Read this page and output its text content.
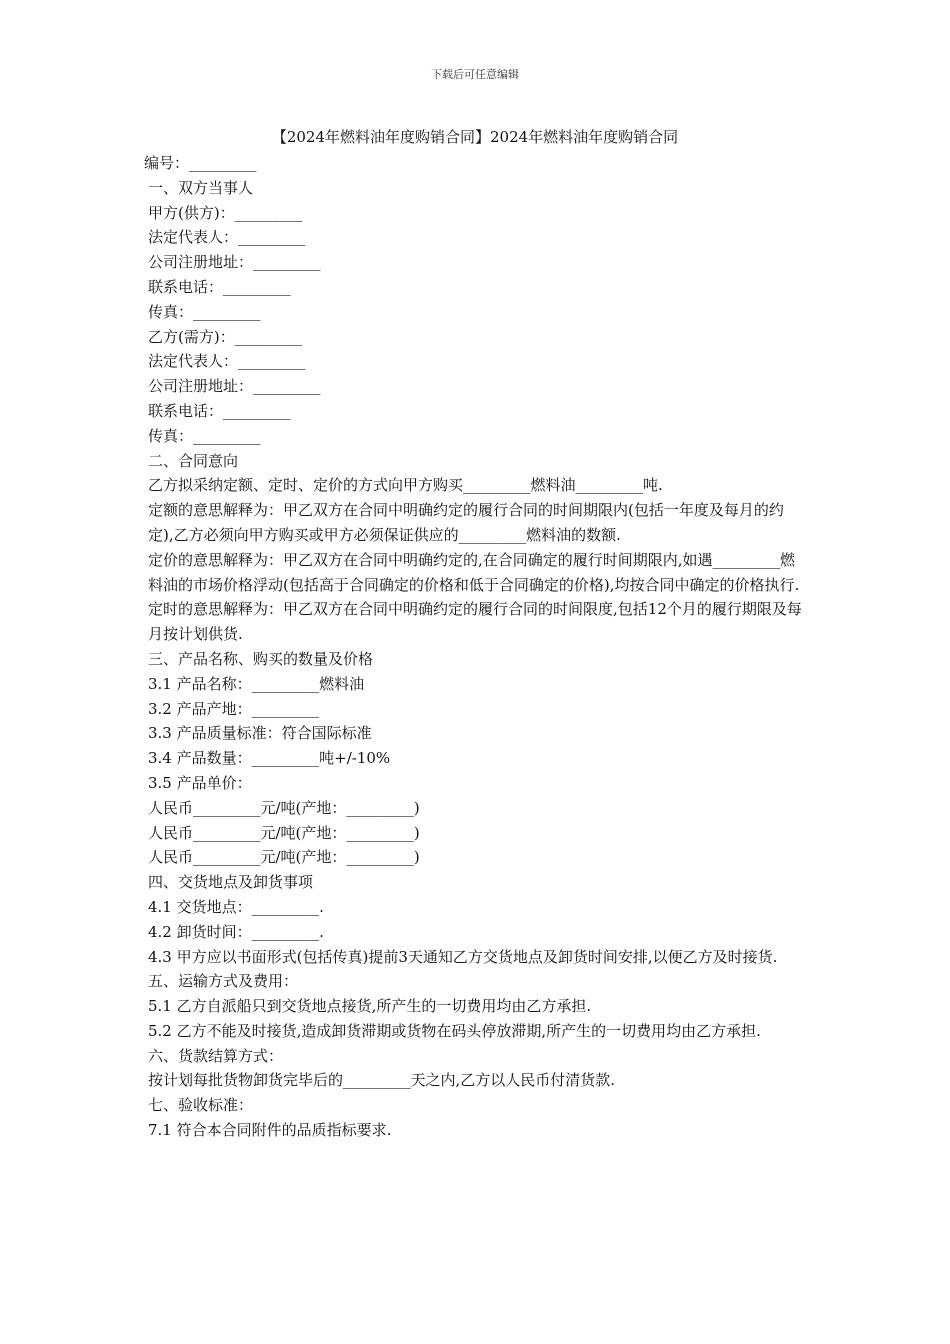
下载后可任意编辑
【2024年燃料油年度购销合同】2024年燃料油年度购销合同

编号：_________

一、双方当事人

甲方(供方)：_________

法定代表人：_________

公司注册地址：_________

联系电话：_________

传真：_________

乙方(需方)：_________

法定代表人：_________

公司注册地址：_________

联系电话：_________

传真：_________

二、合同意向

乙方拟采纳定额、定时、定价的方式向甲方购买_________燃料油_________吨.

定额的意思解释为：甲乙双方在合同中明确约定的履行合同的时间期限内(包括一年度及每月的约定),乙方必须向甲方购买或甲方必须保证供应的_________燃料油的数额.

定价的意思解释为：甲乙双方在合同中明确约定的,在合同确定的履行时间期限内,如遇_________燃料油的市场价格浮动(包括高于合同确定的价格和低于合同确定的价格),均按合同中确定的价格执行.

定时的意思解释为：甲乙双方在合同中明确约定的履行合同的时间限度,包括12个月的履行期限及每月按计划供货.

三、产品名称、购买的数量及价格

3.1 产品名称：_________燃料油

3.2 产品产地：_________

3.3 产品质量标准：符合国际标准

3.4 产品数量：_________吨+/-10%

3.5 产品单价：

人民币_________元/吨(产地：_________)

人民币_________元/吨(产地：_________)

人民币_________元/吨(产地：_________)

四、交货地点及卸货事项

4.1 交货地点：_________.

4.2 卸货时间：_________.

4.3 甲方应以书面形式(包括传真)提前3天通知乙方交货地点及卸货时间安排,以便乙方及时接货.

五、运输方式及费用：

5.1 乙方自派船只到交货地点接货,所产生的一切费用均由乙方承担.

5.2 乙方不能及时接货,造成卸货滞期或货物在码头停放滞期,所产生的一切费用均由乙方承担.

六、货款结算方式：

按计划每批货物卸货完毕后的_________天之内,乙方以人民币付清货款.

七、验收标准：

7.1 符合本合同附件的品质指标要求.
